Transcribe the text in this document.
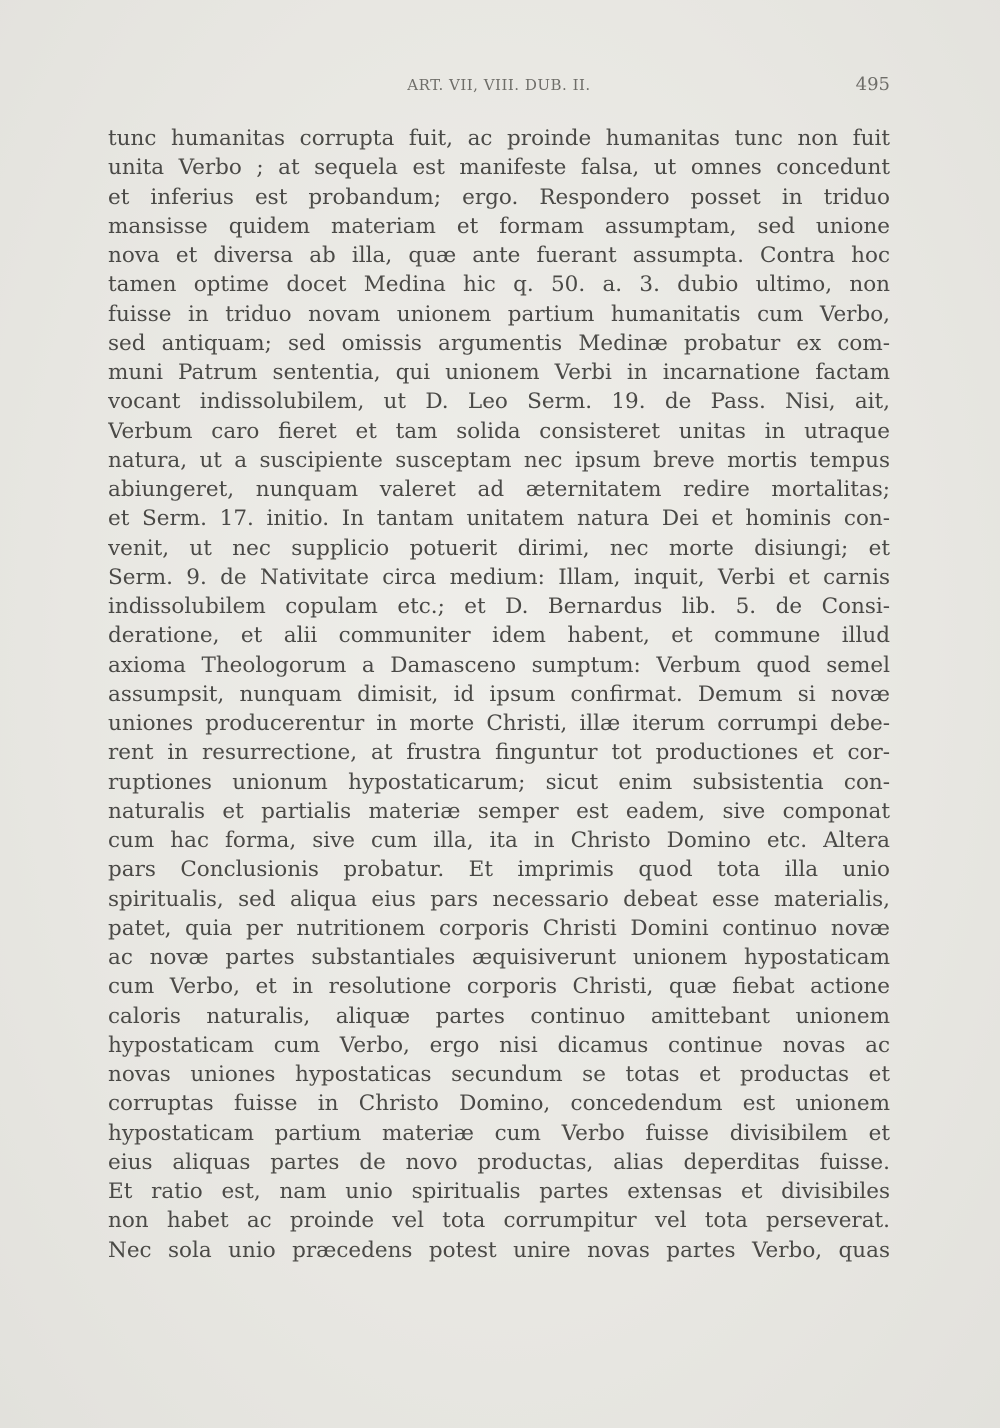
ART. VII, VIII. DUB. II.	495
tunc humanitas corrupta fuit, ac proinde humanitas tunc non fuit
unita Verbo ; at sequela est manifeste falsa, ut omnes concedunt
et inferius est probandum; ergo. Respondero posset in triduo
mansisse quidem materiam et formam assumptam, sed unione
nova et diversa ab illa, quæ ante fuerant assumpta. Contra hoc
tamen optime docet Medina hic q. 50. a. 3. dubio ultimo, non
fuisse in triduo novam unionem partium humanitatis cum Verbo,
sed antiquam; sed omissis argumentis Medinæ probatur ex com-
muni Patrum sententia, qui unionem Verbi in incarnatione factam
vocant indissolubilem, ut D. Leo Serm. 19. de Pass. Nisi, ait,
Verbum caro fieret et tam solida consisteret unitas in utraque
natura, ut a suscipiente susceptam nec ipsum breve mortis tempus
abiungeret, nunquam valeret ad æternitatem redire mortalitas;
et Serm. 17. initio. In tantam unitatem natura Dei et hominis con-
venit, ut nec supplicio potuerit dirimi, nec morte disiungi; et
Serm. 9. de Nativitate circa medium: Illam, inquit, Verbi et carnis
indissolubilem copulam etc.; et D. Bernardus lib. 5. de Consi-
deratione, et alii communiter idem habent, et commune illud
axioma Theologorum a Damasceno sumptum: Verbum quod semel
assumpsit, nunquam dimisit, id ipsum confirmat. Demum si novæ
uniones producerentur in morte Christi, illæ iterum corrumpi debe-
rent in resurrectione, at frustra finguntur tot productiones et cor-
ruptiones unionum hypostaticarum; sicut enim subsistentia con-
naturalis et partialis materiæ semper est eadem, sive componat
cum hac forma, sive cum illa, ita in Christo Domino etc. Altera
pars Conclusionis probatur. Et imprimis quod tota illa unio
spiritualis, sed aliqua eius pars necessario debeat esse materialis,
patet, quia per nutritionem corporis Christi Domini continuo novæ
ac novæ partes substantiales æquisiverunt unionem hypostaticam
cum Verbo, et in resolutione corporis Christi, quæ fiebat actione
caloris naturalis, aliquæ partes continuo amittebant unionem
hypostaticam cum Verbo, ergo nisi dicamus continue novas ac
novas uniones hypostaticas secundum se totas et productas et
corruptas fuisse in Christo Domino, concedendum est unionem
hypostaticam partium materiæ cum Verbo fuisse divisibilem et
eius aliquas partes de novo productas, alias deperditas fuisse.
Et ratio est, nam unio spiritualis partes extensas et divisibiles
non habet ac proinde vel tota corrumpitur vel tota perseverat.
Nec sola unio præcedens potest unire novas partes Verbo, quas
